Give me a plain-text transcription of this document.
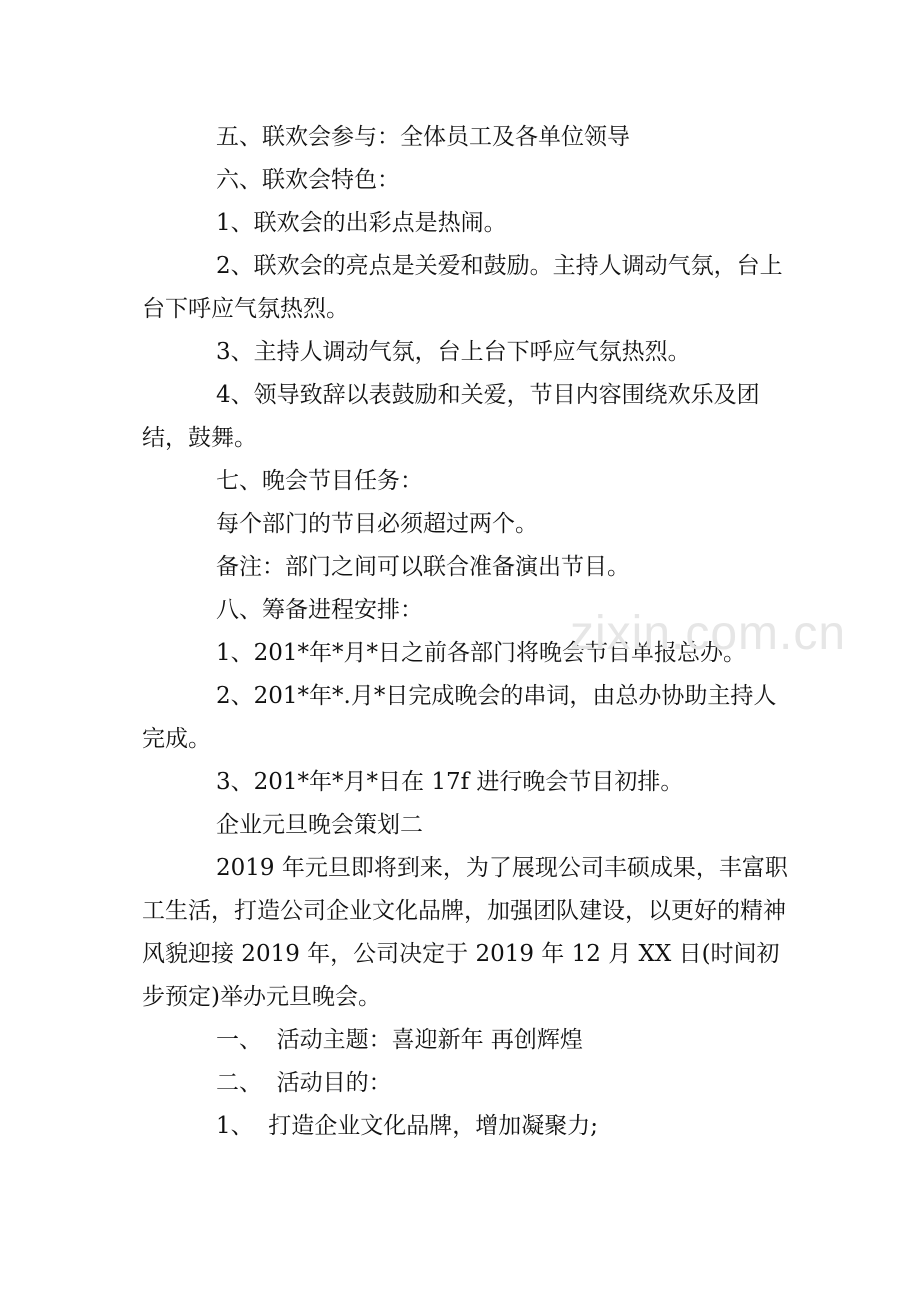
五、联欢会参与：全体员工及各单位领导

六、联欢会特色：

1、联欢会的出彩点是热闹。

2、联欢会的亮点是关爱和鼓励。主持人调动气氛，台上台下呼应气氛热烈。

3、主持人调动气氛，台上台下呼应气氛热烈。

4、领导致辞以表鼓励和关爱，节目内容围绕欢乐及团结，鼓舞。

七、晚会节目任务：

每个部门的节目必须超过两个。

备注：部门之间可以联合准备演出节目。

八、筹备进程安排：

1、201*年*月*日之前各部门将晚会节目单报总办。

2、201*年*.月*日完成晚会的串词，由总办协助主持人完成。

3、201*年*月*日在 17f 进行晚会节目初排。

企业元旦晚会策划二

2019 年元旦即将到来，为了展现公司丰硕成果，丰富职工生活，打造公司企业文化品牌，加强团队建设，以更好的精神风貌迎接 2019 年，公司决定于 2019 年 12 月 XX 日(时间初步预定)举办元旦晚会。

一、  活动主题：喜迎新年 再创辉煌

二、  活动目的：

1、  打造企业文化品牌，增加凝聚力;

zixin.com.cn
